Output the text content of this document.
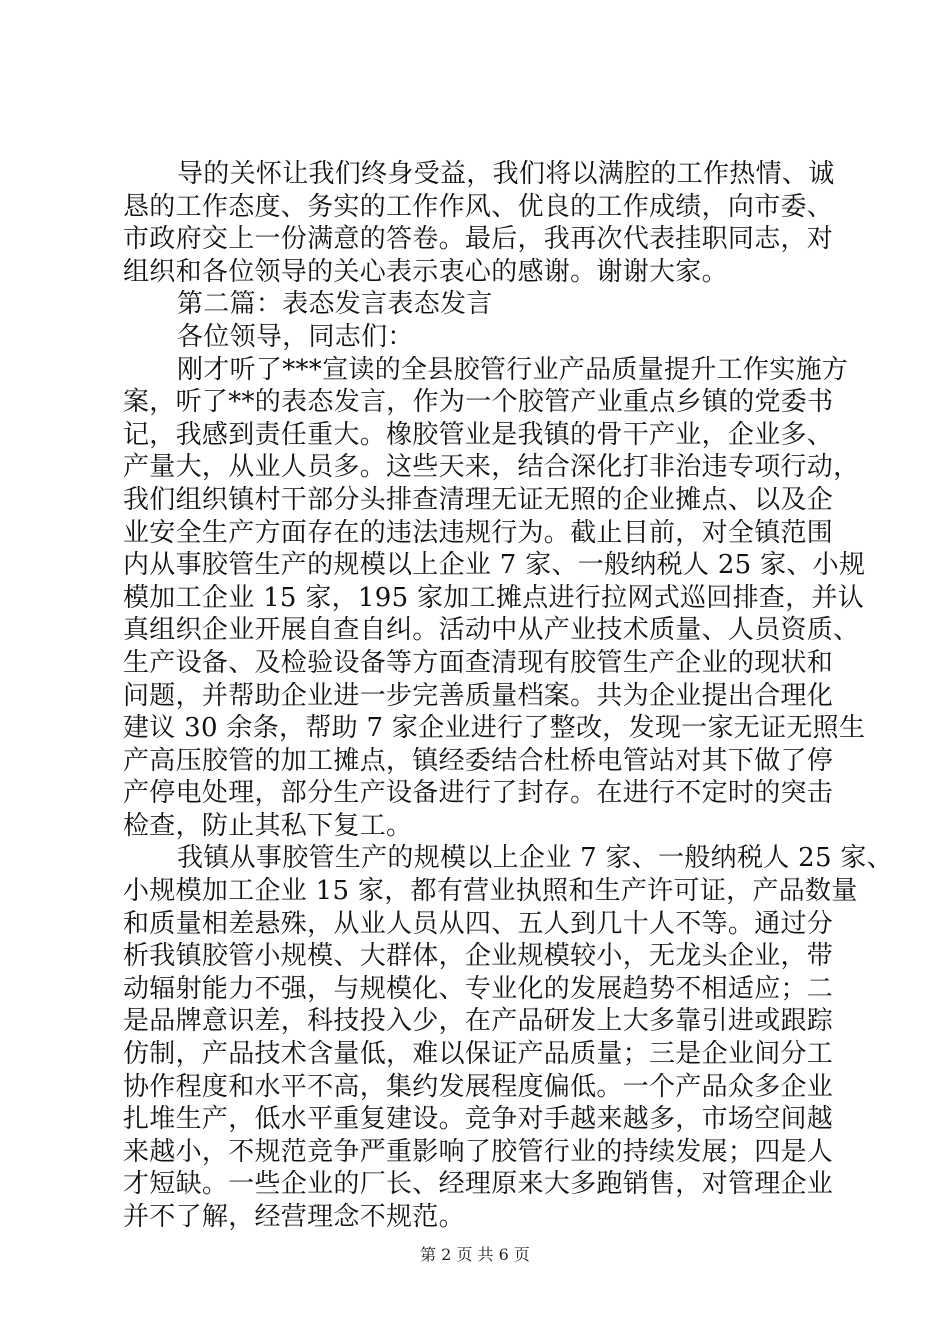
导的关怀让我们终身受益，我们将以满腔的工作热情、诚
恳的工作态度、务实的工作作风、优良的工作成绩，向市委、
市政府交上一份满意的答卷。最后，我再次代表挂职同志，对
组织和各位领导的关心表示衷心的感谢。谢谢大家。
第二篇：表态发言表态发言
各位领导，同志们：
刚才听了***宣读的全县胶管行业产品质量提升工作实施方
案，听了**的表态发言，作为一个胶管产业重点乡镇的党委书
记，我感到责任重大。橡胶管业是我镇的骨干产业，企业多、
产量大，从业人员多。这些天来，结合深化打非治违专项行动，
我们组织镇村干部分头排查清理无证无照的企业摊点、以及企
业安全生产方面存在的违法违规行为。截止目前，对全镇范围
内从事胶管生产的规模以上企业 7 家、一般纳税人 25 家、小规
模加工企业 15 家，195 家加工摊点进行拉网式巡回排查，并认
真组织企业开展自查自纠。活动中从产业技术质量、人员资质、
生产设备、及检验设备等方面查清现有胶管生产企业的现状和
问题，并帮助企业进一步完善质量档案。共为企业提出合理化
建议 30 余条，帮助 7 家企业进行了整改，发现一家无证无照生
产高压胶管的加工摊点，镇经委结合杜桥电管站对其下做了停
产停电处理，部分生产设备进行了封存。在进行不定时的突击
检查，防止其私下复工。
我镇从事胶管生产的规模以上企业 7 家、一般纳税人 25 家、
小规模加工企业 15 家，都有营业执照和生产许可证，产品数量
和质量相差悬殊，从业人员从四、五人到几十人不等。通过分
析我镇胶管小规模、大群体，企业规模较小，无龙头企业，带
动辐射能力不强，与规模化、专业化的发展趋势不相适应；二
是品牌意识差，科技投入少，在产品研发上大多靠引进或跟踪
仿制，产品技术含量低，难以保证产品质量；三是企业间分工
协作程度和水平不高，集约发展程度偏低。一个产品众多企业
扎堆生产，低水平重复建设。竞争对手越来越多，市场空间越
来越小，不规范竞争严重影响了胶管行业的持续发展；四是人
才短缺。一些企业的厂长、经理原来大多跑销售，对管理企业
并不了解，经营理念不规范。
第 2 页 共 6 页
